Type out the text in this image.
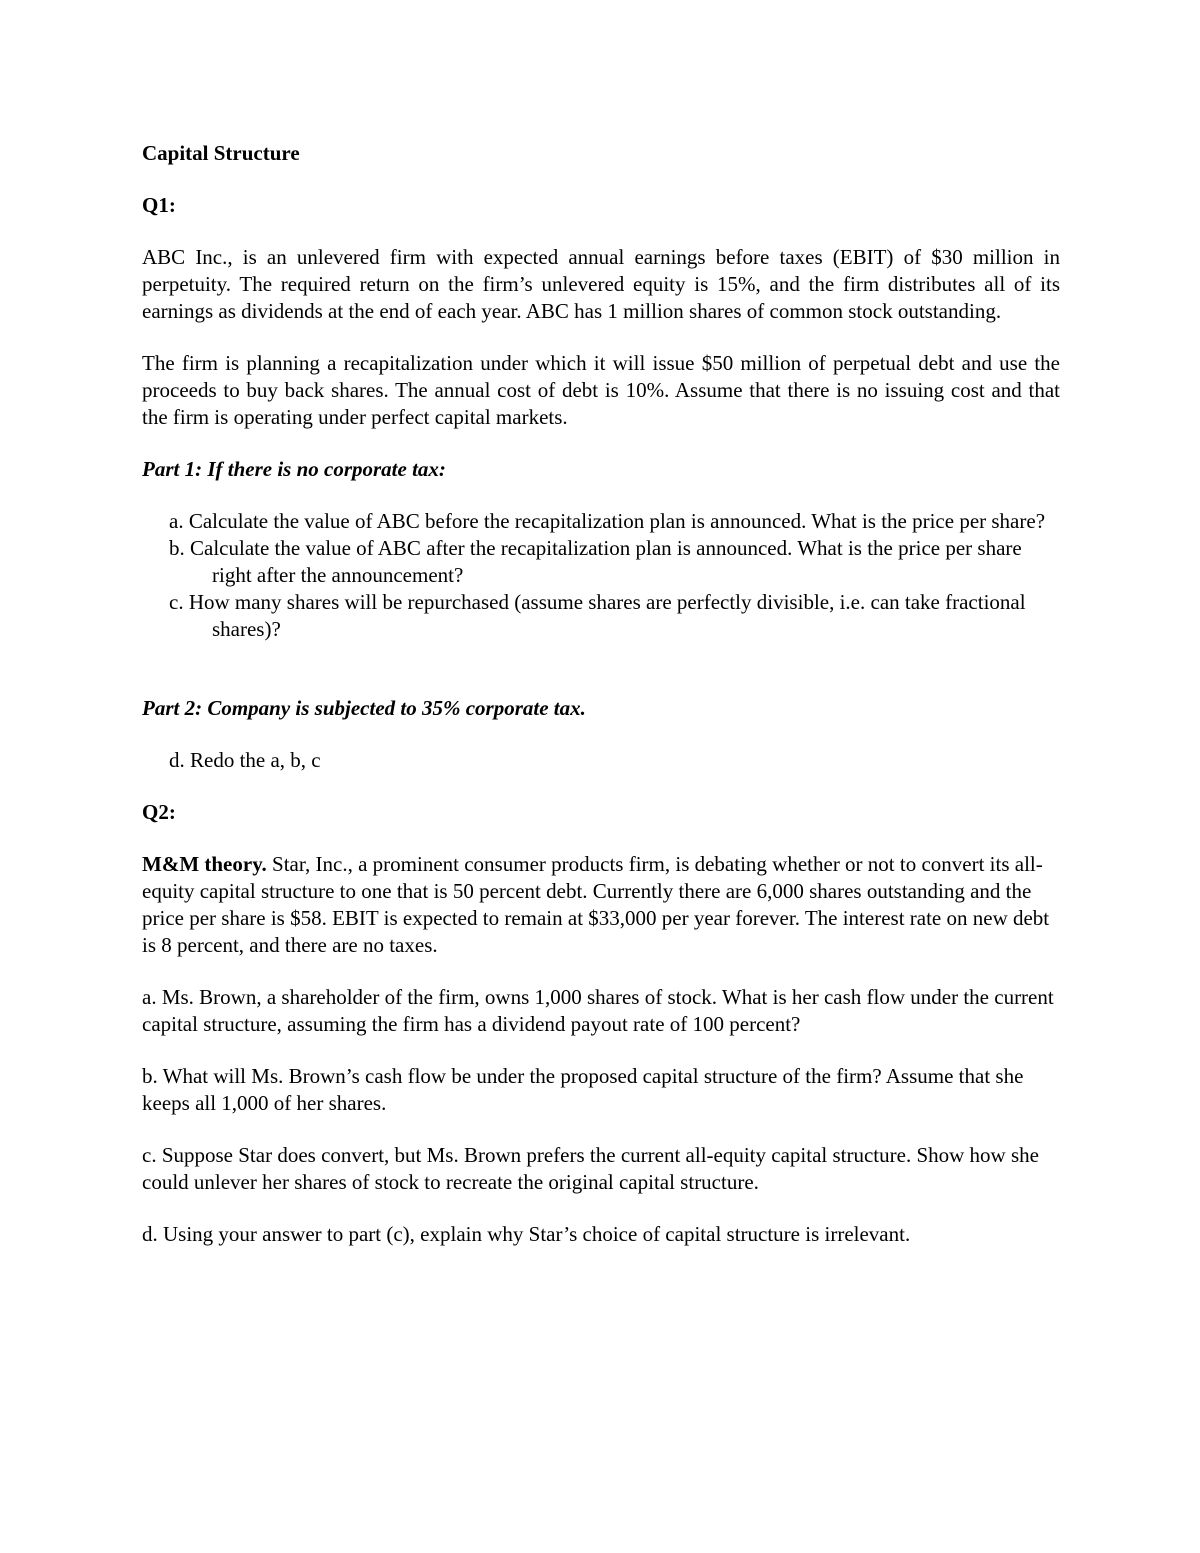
Capital Structure
Q1:

ABC Inc., is an unlevered firm with expected annual earnings before taxes (EBIT) of $30 million in perpetuity. The required return on the firm’s unlevered equity is 15%, and the firm distributes all of its earnings as dividends at the end of each year. ABC has 1 million shares of common stock outstanding.

The firm is planning a recapitalization under which it will issue $50 million of perpetual debt and use the proceeds to buy back shares. The annual cost of debt is 10%. Assume that there is no issuing cost and that the firm is operating under perfect capital markets.

Part 1: If there is no corporate tax:
a. Calculate the value of ABC before the recapitalization plan is announced. What is the price per share?
b. Calculate the value of ABC after the recapitalization plan is announced. What is the price per share right after the announcement?
c. How many shares will be repurchased (assume shares are perfectly divisible, i.e. can take fractional shares)?
Part 2: Company is subjected to 35% corporate tax.
d. Redo the a, b, c
Q2:

M&M theory. Star, Inc., a prominent consumer products firm, is debating whether or not to convert its all-equity capital structure to one that is 50 percent debt. Currently there are 6,000 shares outstanding and the price per share is $58. EBIT is expected to remain at $33,000 per year forever. The interest rate on new debt is 8 percent, and there are no taxes.

a. Ms. Brown, a shareholder of the firm, owns 1,000 shares of stock. What is her cash flow under the current capital structure, assuming the firm has a dividend payout rate of 100 percent?

b. What will Ms. Brown’s cash flow be under the proposed capital structure of the firm? Assume that she keeps all 1,000 of her shares.

c. Suppose Star does convert, but Ms. Brown prefers the current all-equity capital structure. Show how she could unlever her shares of stock to recreate the original capital structure.

d. Using your answer to part (c), explain why Star’s choice of capital structure is irrelevant.
